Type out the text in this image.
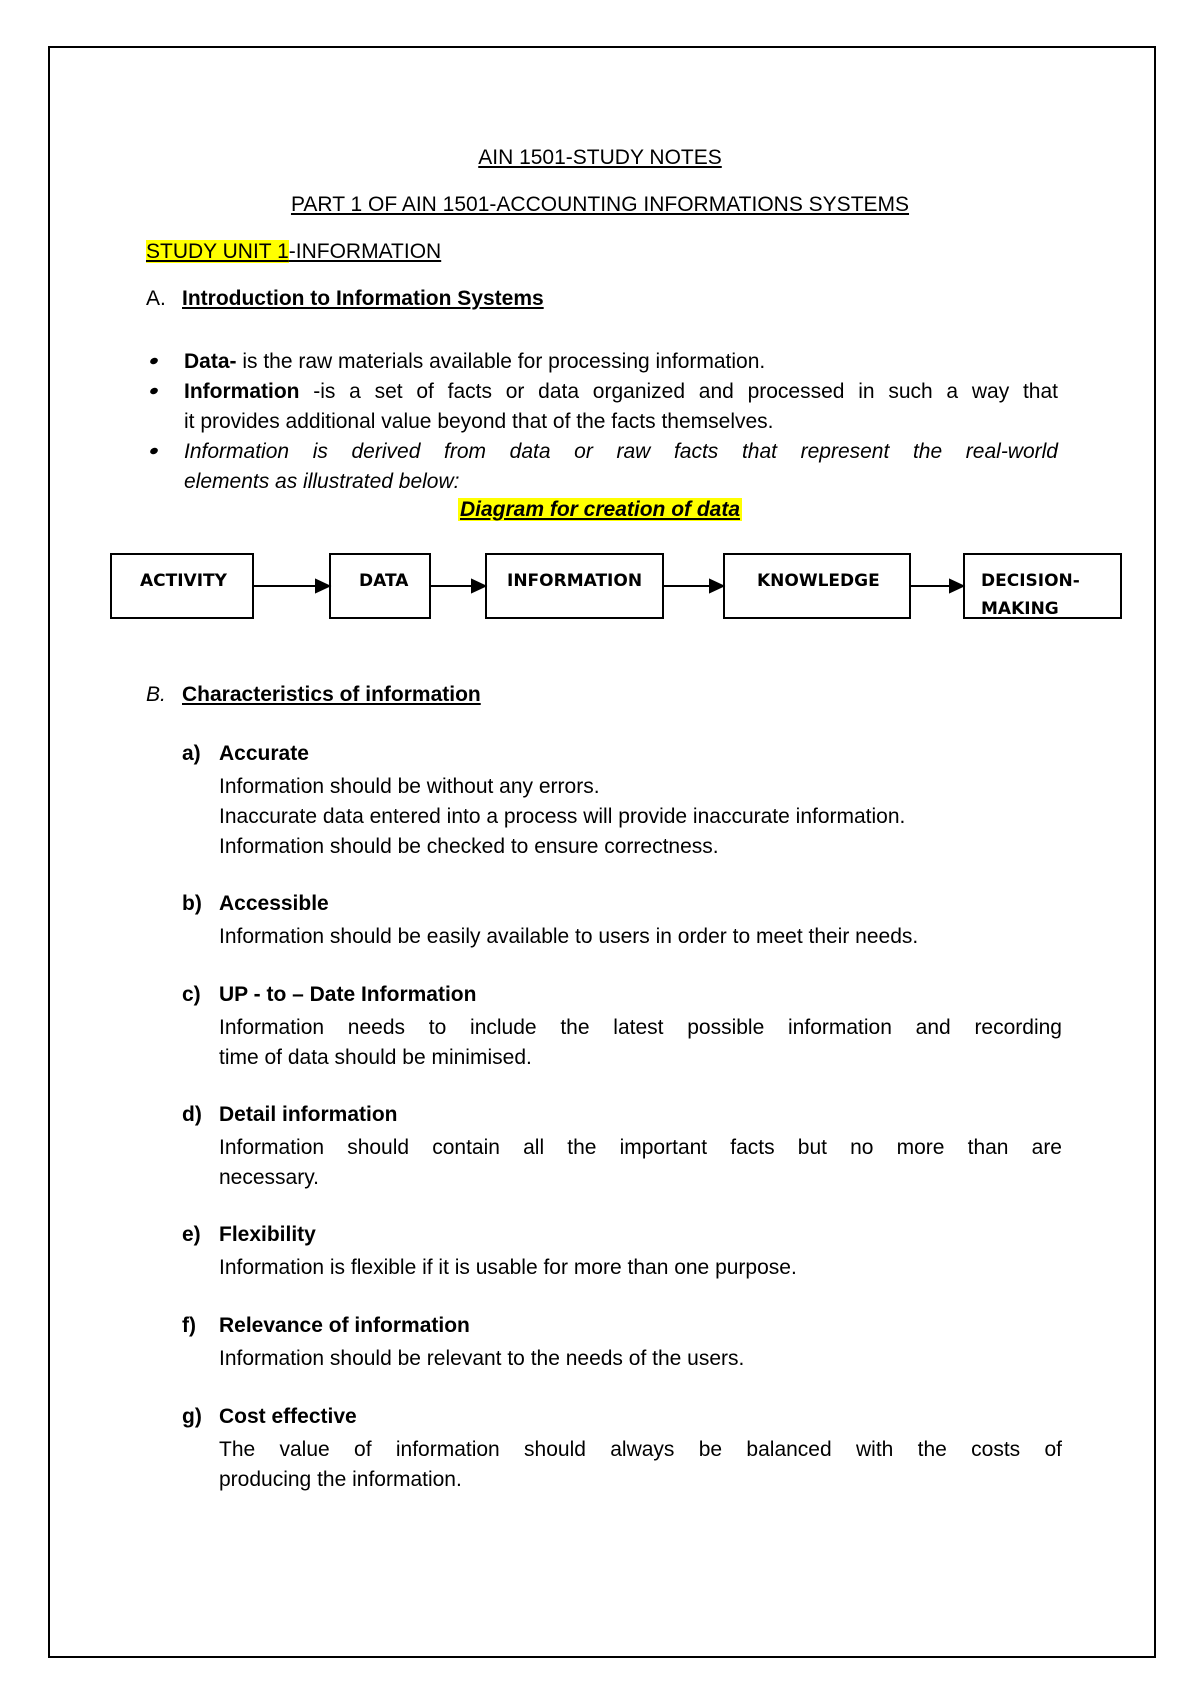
AIN 1501-STUDY NOTES
PART 1 OF AIN 1501-ACCOUNTING INFORMATIONS SYSTEMS
STUDY UNIT 1-INFORMATION
A. Introduction to Information Systems
Data- is the raw materials available for processing information.
Information -is a set of facts or data organized and processed in such a way that
it provides additional value beyond that of the facts themselves.
Information is derived from data or raw facts that represent the real-world
elements as illustrated below:
Diagram for creation of data
ACTIVITY	DATA	INFORMATION	KNOWLEDGE	DECISION-
MAKING
B. Characteristics of information
a) Accurate
Information should be without any errors.
Inaccurate data entered into a process will provide inaccurate information.
Information should be checked to ensure correctness.
b) Accessible
Information should be easily available to users in order to meet their needs.
c) UP - to – Date Information
Information needs to include the latest possible information and recording
time of data should be minimised.
d) Detail information
Information should contain all the important facts but no more than are
necessary.
e) Flexibility
Information is flexible if it is usable for more than one purpose.
f) Relevance of information
Information should be relevant to the needs of the users.
g) Cost effective
The value of information should always be balanced with the costs of
producing the information.
